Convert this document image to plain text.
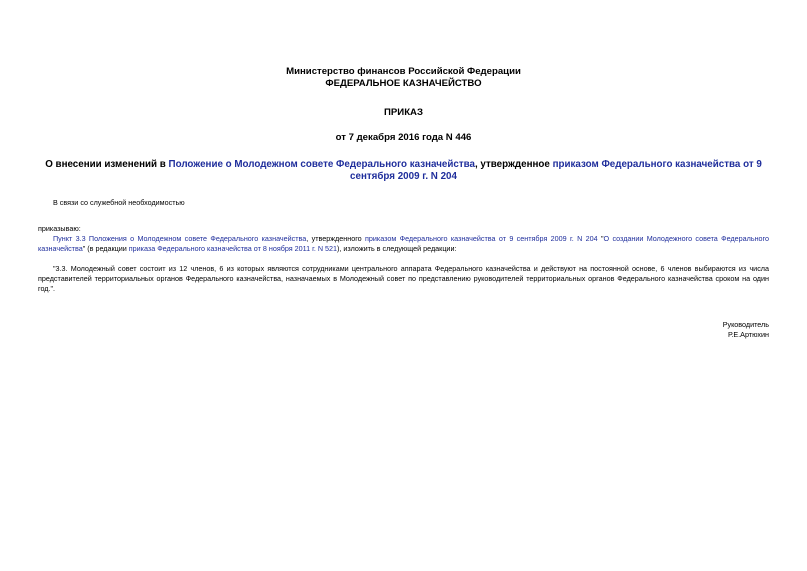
Министерство финансов Российской Федерации
ФЕДЕРАЛЬНОЕ КАЗНАЧЕЙСТВО
ПРИКАЗ
от 7 декабря 2016 года N 446
О внесении изменений в Положение о Молодежном совете Федерального казначейства, утвержденное приказом Федерального казначейства от 9 сентября 2009 г. N 204
В связи со служебной необходимостью
приказываю:

Пункт 3.3 Положения о Молодежном совете Федерального казначейства, утвержденного приказом Федерального казначейства от 9 сентября 2009 г. N 204 "О создании Молодежного совета Федерального казначейства" (в редакции приказа Федерального казначейства от 8 ноября 2011 г. N 521), изложить в следующей редакции:

"3.3. Молодежный совет состоит из 12 членов, 6 из которых являются сотрудниками центрального аппарата Федерального казначейства и действуют на постоянной основе, 6 членов выбираются из числа представителей территориальных органов Федерального казначейства, назначаемых в Молодежный совет по представлению руководителей территориальных органов Федерального казначейства сроком на один год.".

Руководитель
Р.Е.Артюхин
